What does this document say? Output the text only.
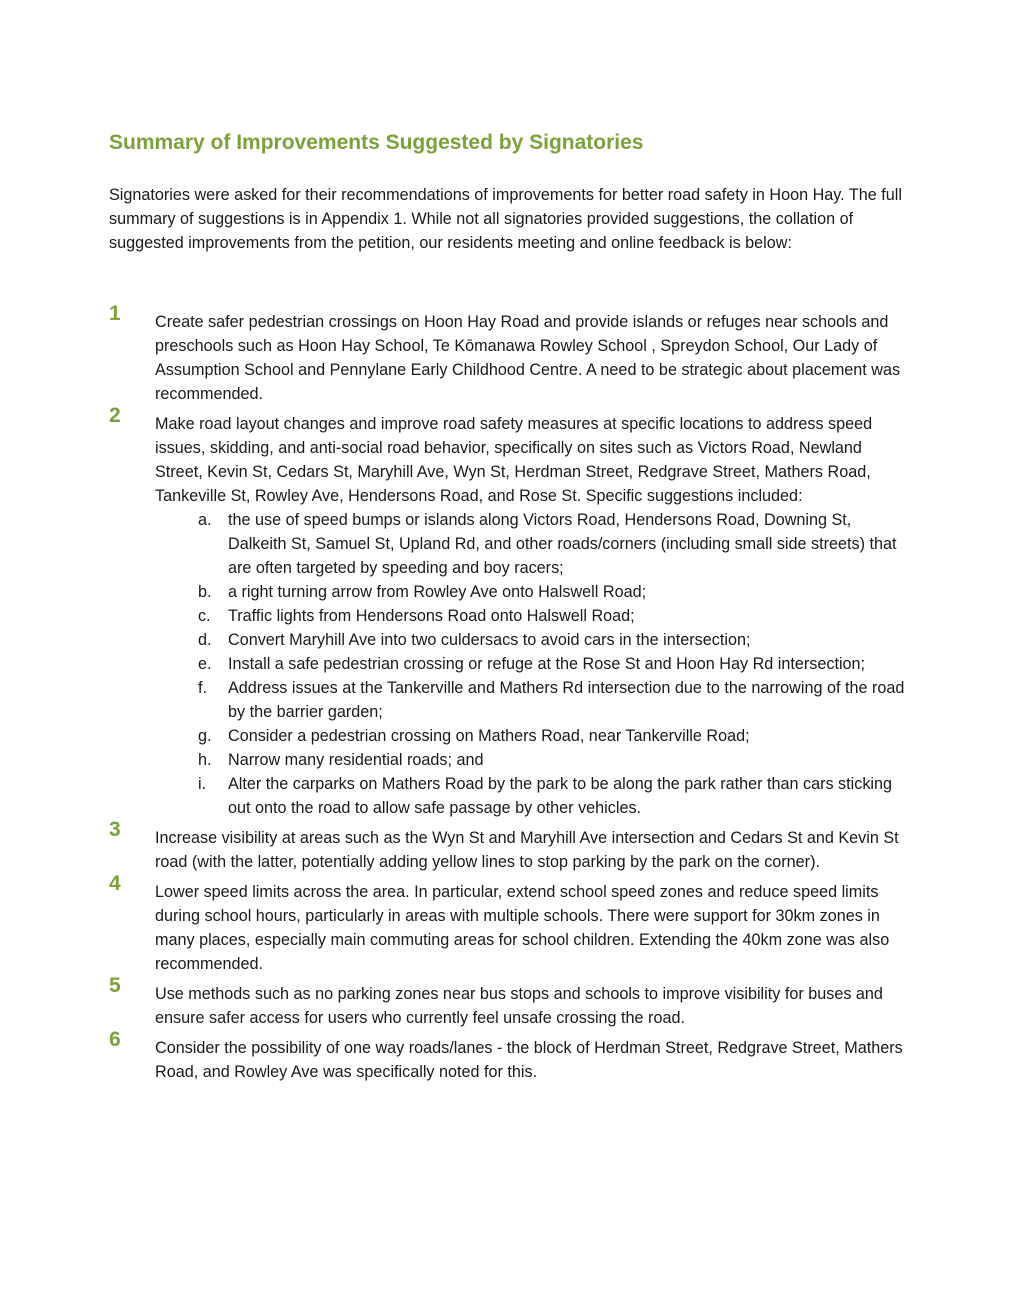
Summary of Improvements Suggested by Signatories

Signatories were asked for their recommendations of improvements for better road safety in Hoon Hay. The full summary of suggestions is in Appendix 1. While not all signatories provided suggestions, the collation of suggested improvements from the petition, our residents meeting and online feedback is below:

1 Create safer pedestrian crossings on Hoon Hay Road and provide islands or refuges near schools and preschools such as Hoon Hay School, Te Kōmanawa Rowley School , Spreydon School, Our Lady of Assumption School and Pennylane Early Childhood Centre. A need to be strategic about placement was recommended.
2 Make road layout changes and improve road safety measures at specific locations to address speed issues, skidding, and anti-social road behavior, specifically on sites such as Victors Road, Newland Street, Kevin St, Cedars St, Maryhill Ave, Wyn St, Herdman Street, Redgrave Street, Mathers Road, Tankeville St, Rowley Ave, Hendersons Road, and Rose St. Specific suggestions included:
a. the use of speed bumps or islands along Victors Road, Hendersons Road, Downing St, Dalkeith St, Samuel St, Upland Rd, and other roads/corners (including small side streets) that are often targeted by speeding and boy racers;
b. a right turning arrow from Rowley Ave onto Halswell Road;
c. Traffic lights from Hendersons Road onto Halswell Road;
d. Convert Maryhill Ave into two culdersacs to avoid cars in the intersection;
e. Install a safe pedestrian crossing or refuge at the Rose St and Hoon Hay Rd intersection;
f. Address issues at the Tankerville and Mathers Rd intersection due to the narrowing of the road by the barrier garden;
g. Consider a pedestrian crossing on Mathers Road, near Tankerville Road;
h. Narrow many residential roads; and
i. Alter the carparks on Mathers Road by the park to be along the park rather than cars sticking out onto the road to allow safe passage by other vehicles.
3 Increase visibility at areas such as the Wyn St and Maryhill Ave intersection and Cedars St and Kevin St road (with the latter, potentially adding yellow lines to stop parking by the park on the corner).
4 Lower speed limits across the area. In particular, extend school speed zones and reduce speed limits during school hours, particularly in areas with multiple schools. There were support for 30km zones in many places, especially main commuting areas for school children. Extending the 40km zone was also recommended.
5 Use methods such as no parking zones near bus stops and schools to improve visibility for buses and ensure safer access for users who currently feel unsafe crossing the road.
6 Consider the possibility of one way roads/lanes - the block of Herdman Street, Redgrave Street, Mathers Road, and Rowley Ave was specifically noted for this.
